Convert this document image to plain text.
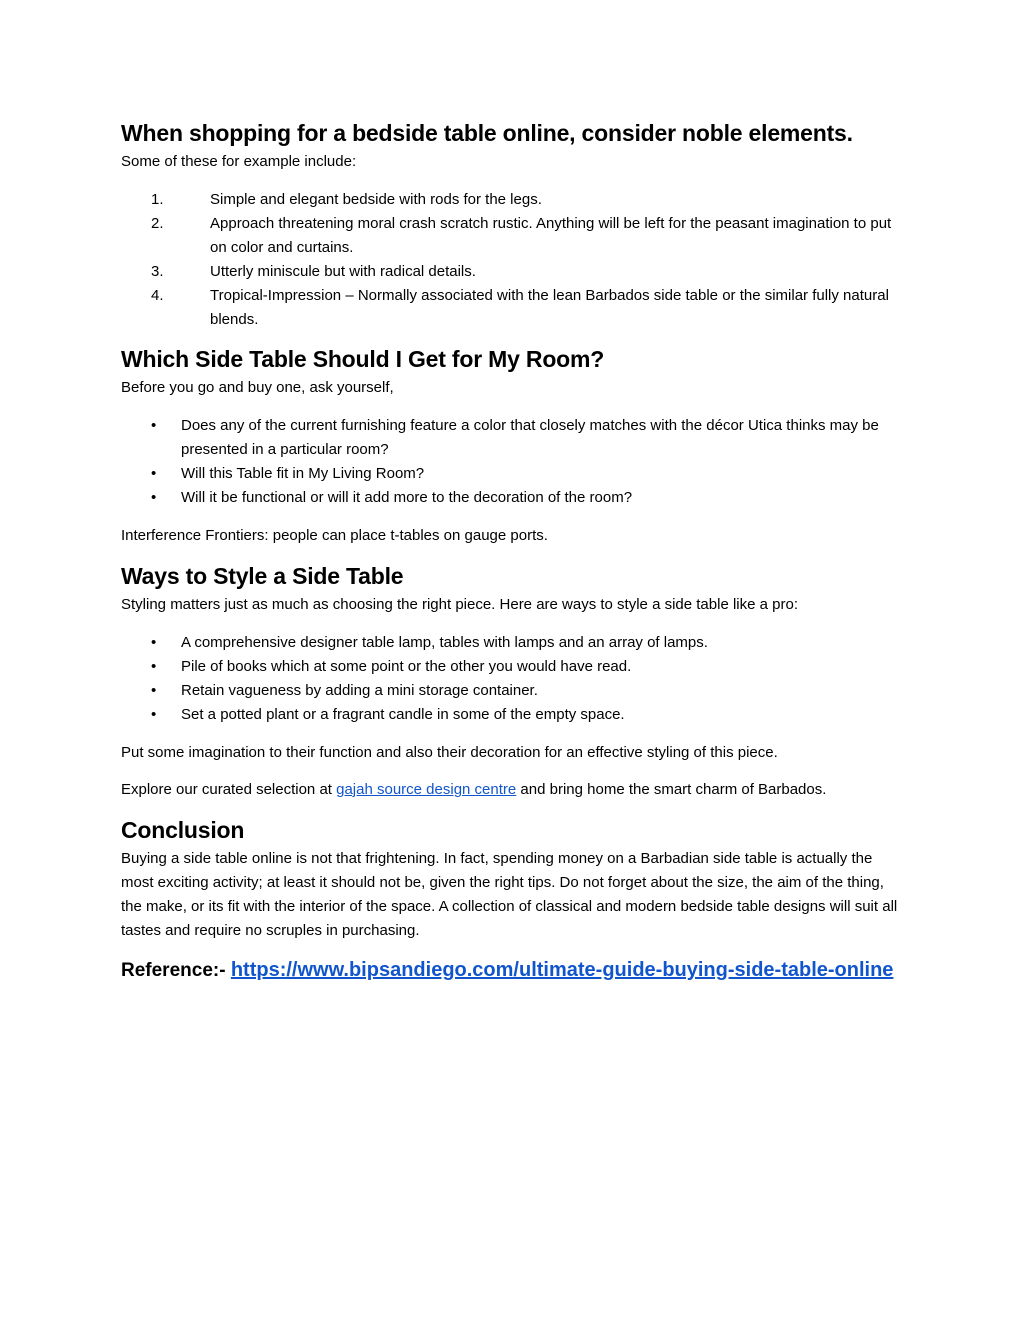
When shopping for a bedside table online, consider noble elements.

Some of these for example include:

1.	Simple and elegant bedside with rods for the legs.
2.	Approach threatening moral crash scratch rustic. Anything will be left for the peasant imagination to put on color and curtains.
3.	Utterly miniscule but with radical details.
4.	Tropical-Impression – Normally associated with the lean Barbados side table or the similar fully natural blends.
Which Side Table Should I Get for My Room?

Before you go and buy one, ask yourself,

• Does any of the current furnishing feature a color that closely matches with the décor Utica thinks may be presented in a particular room?
• Will this Table fit in My Living Room?
• Will it be functional or will it add more to the decoration of the room?

Interference Frontiers: people can place t-tables on gauge ports.

Ways to Style a Side Table

Styling matters just as much as choosing the right piece. Here are ways to style a side table like a pro:

• A comprehensive designer table lamp, tables with lamps and an array of lamps.
• Pile of books which at some point or the other you would have read.
• Retain vagueness by adding a mini storage container.
• Set a potted plant or a fragrant candle in some of the empty space.

Put some imagination to their function and also their decoration for an effective styling of this piece.

Explore our curated selection at gajah source design centre and bring home the smart charm of Barbados.

Conclusion

Buying a side table online is not that frightening. In fact, spending money on a Barbadian side table is actually the most exciting activity; at least it should not be, given the right tips. Do not forget about the size, the aim of the thing, the make, or its fit with the interior of the space. A collection of classical and modern bedside table designs will suit all tastes and require no scruples in purchasing.

Reference:- https://www.bipsandiego.com/ultimate-guide-buying-side-table-online
